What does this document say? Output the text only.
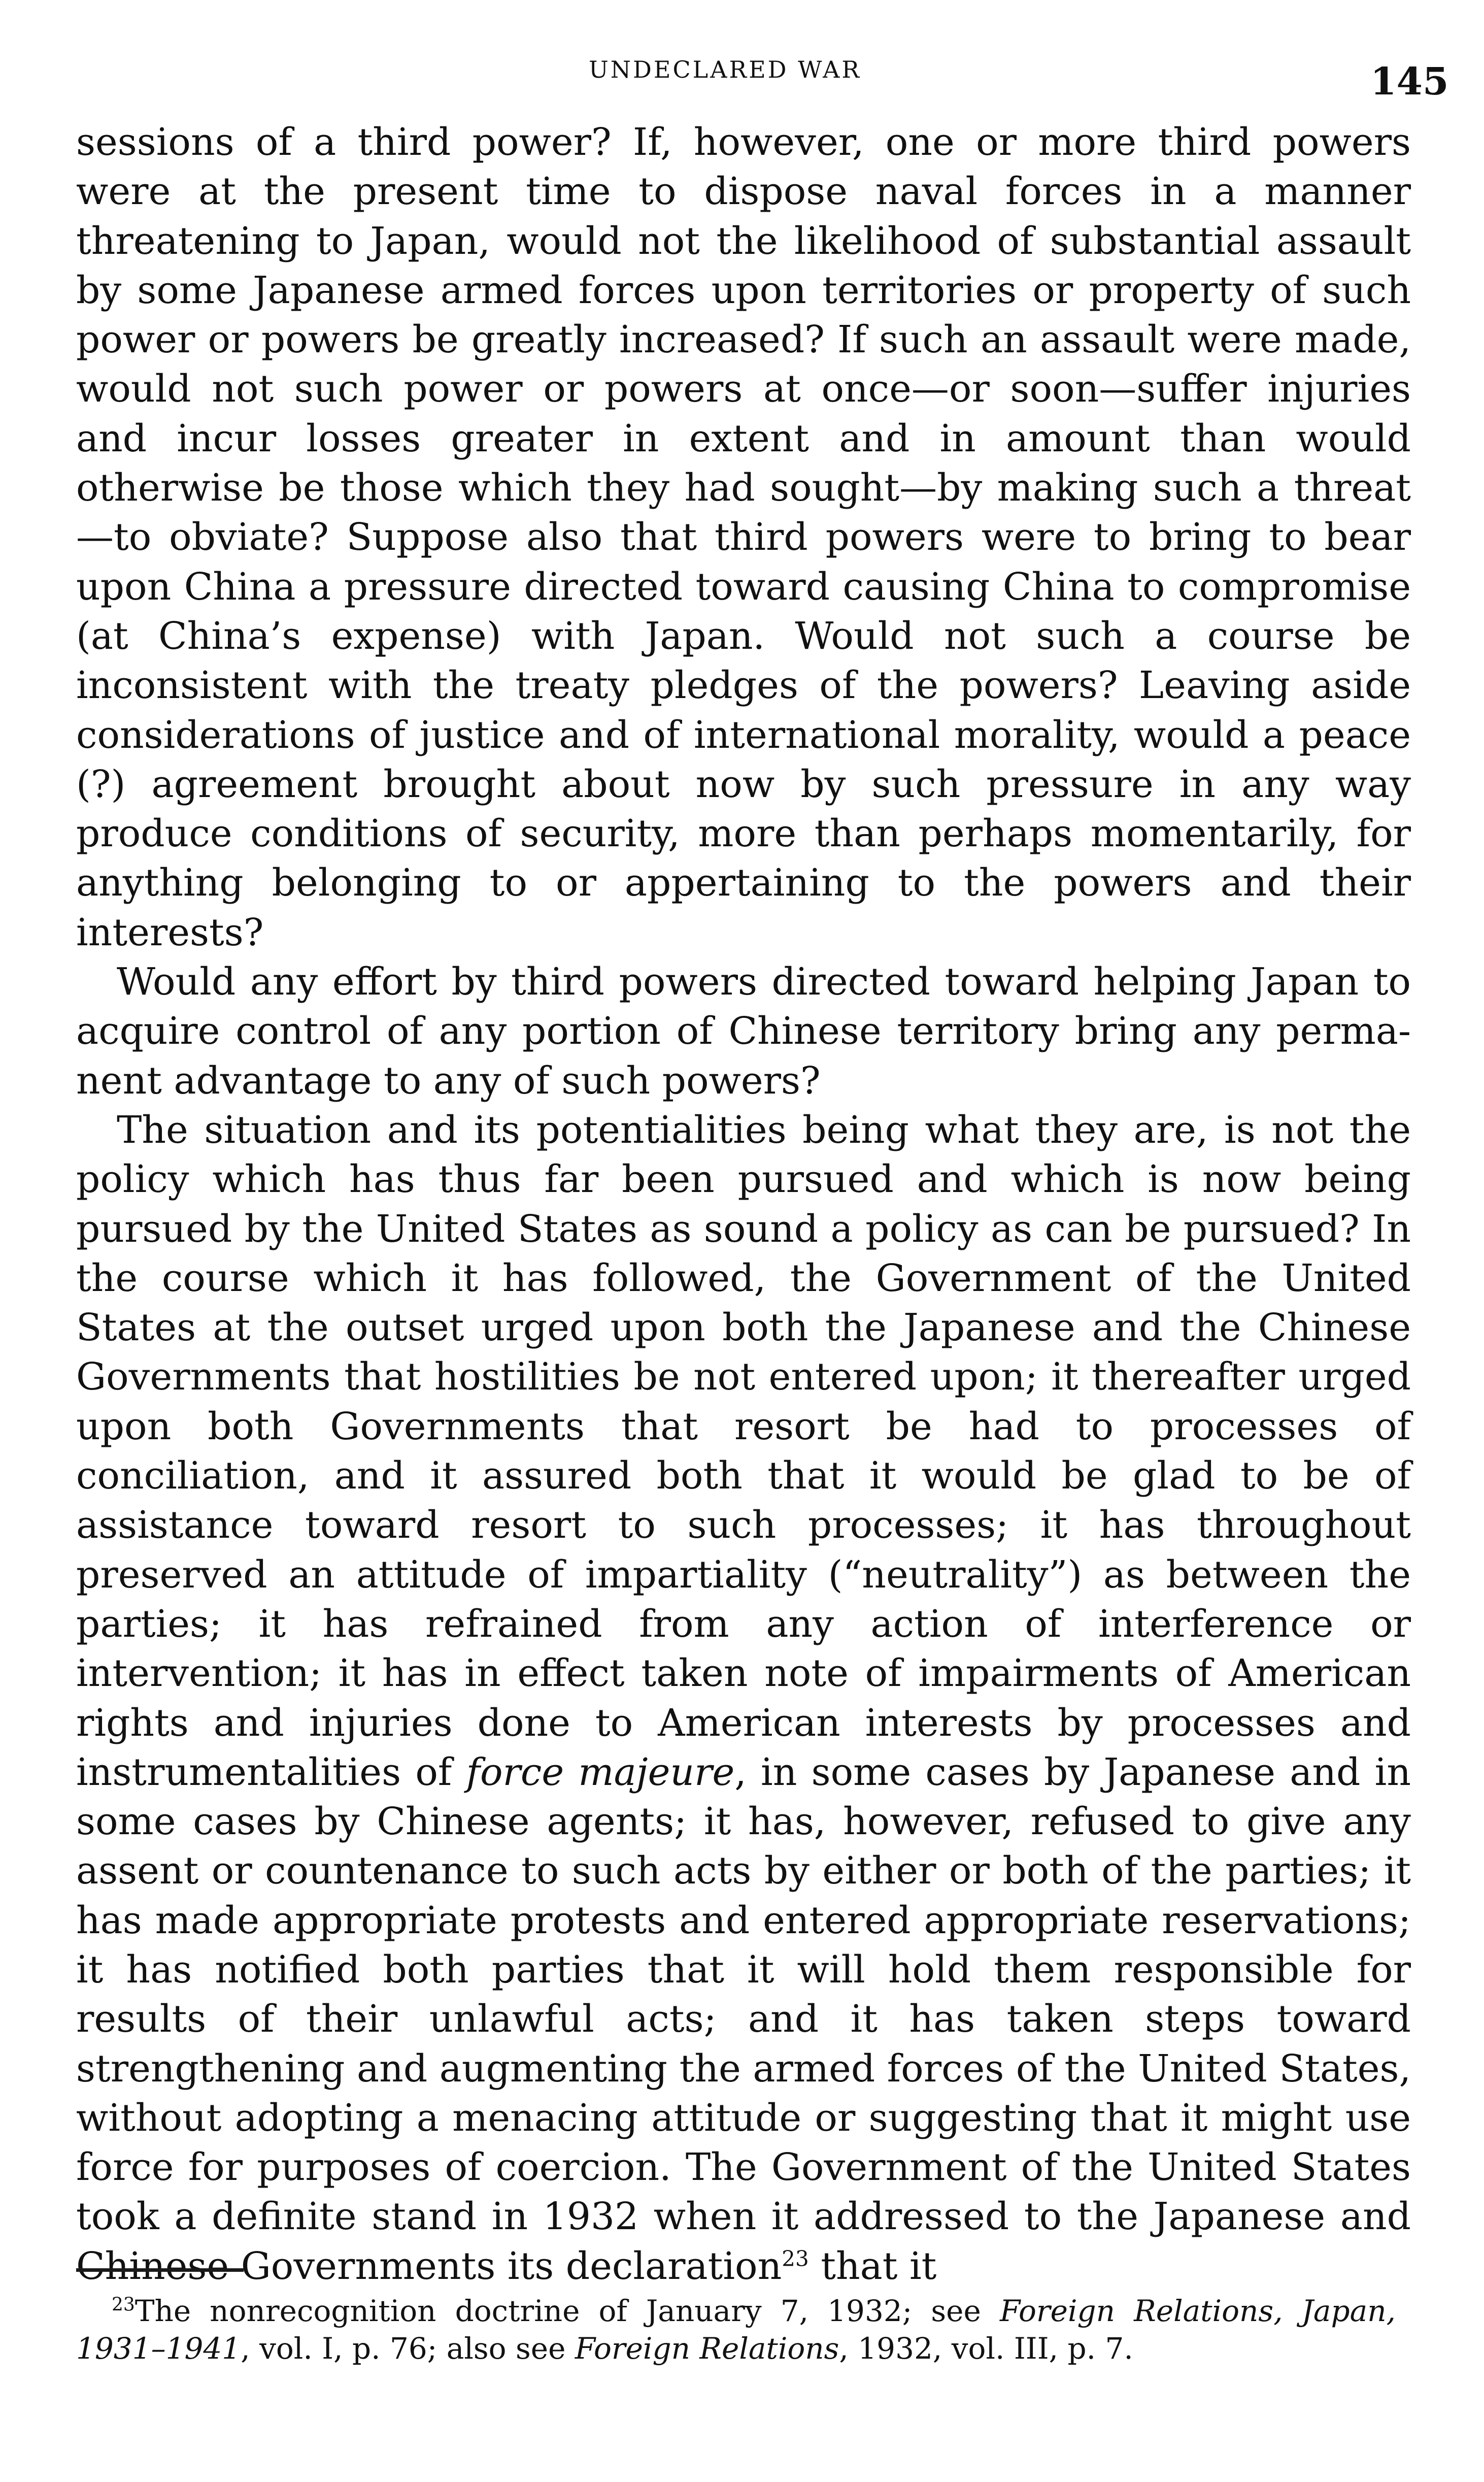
UNDECLARED WAR	145

sessions of a third power? If, however, one or more third powers were at the present time to dispose naval forces in a manner threatening to Japan, would not the likelihood of substantial assault by some Japanese armed forces upon territories or property of such power or powers be greatly increased? If such an assault were made, would not such power or powers at once—or soon—suffer injuries and incur losses greater in extent and in amount than would otherwise be those which they had sought—by making such a threat—to obviate? Suppose also that third powers were to bring to bear upon China a pressure directed toward causing China to compromise (at China’s expense) with Japan. Would not such a course be inconsistent with the treaty pledges of the powers? Leaving aside considerations of justice and of international morality, would a peace (?) agreement brought about now by such pressure in any way produce conditions of security, more than perhaps momentarily, for anything belonging to or appertaining to the powers and their interests?

Would any effort by third powers directed toward helping Japan to acquire control of any portion of Chinese territory bring any permanent advantage to any of such powers?

The situation and its potentialities being what they are, is not the policy which has thus far been pursued and which is now being pursued by the United States as sound a policy as can be pursued? In the course which it has followed, the Government of the United States at the outset urged upon both the Japanese and the Chinese Governments that hostilities be not entered upon; it thereafter urged upon both Governments that resort be had to processes of conciliation, and it assured both that it would be glad to be of assistance toward resort to such processes; it has throughout preserved an attitude of impartiality (“neutrality”) as between the parties; it has refrained from any action of interference or intervention; it has in effect taken note of impairments of American rights and injuries done to American interests by processes and instrumentalities of force majeure, in some cases by Japanese and in some cases by Chinese agents; it has, however, refused to give any assent or countenance to such acts by either or both of the parties; it has made appropriate protests and entered appropriate reservations; it has notified both parties that it will hold them responsible for results of their unlawful acts; and it has taken steps toward strengthening and augmenting the armed forces of the United States, without adopting a menacing attitude or suggesting that it might use force for purposes of coercion. The Government of the United States took a definite stand in 1932 when it addressed to the Japanese and Chinese Governments its declaration$^{23}$ that it

$^{23}$The nonrecognition doctrine of January 7, 1932; see Foreign Relations, Japan, 1931–1941, vol. I, p. 76; also see Foreign Relations, 1932, vol. III, p. 7.
